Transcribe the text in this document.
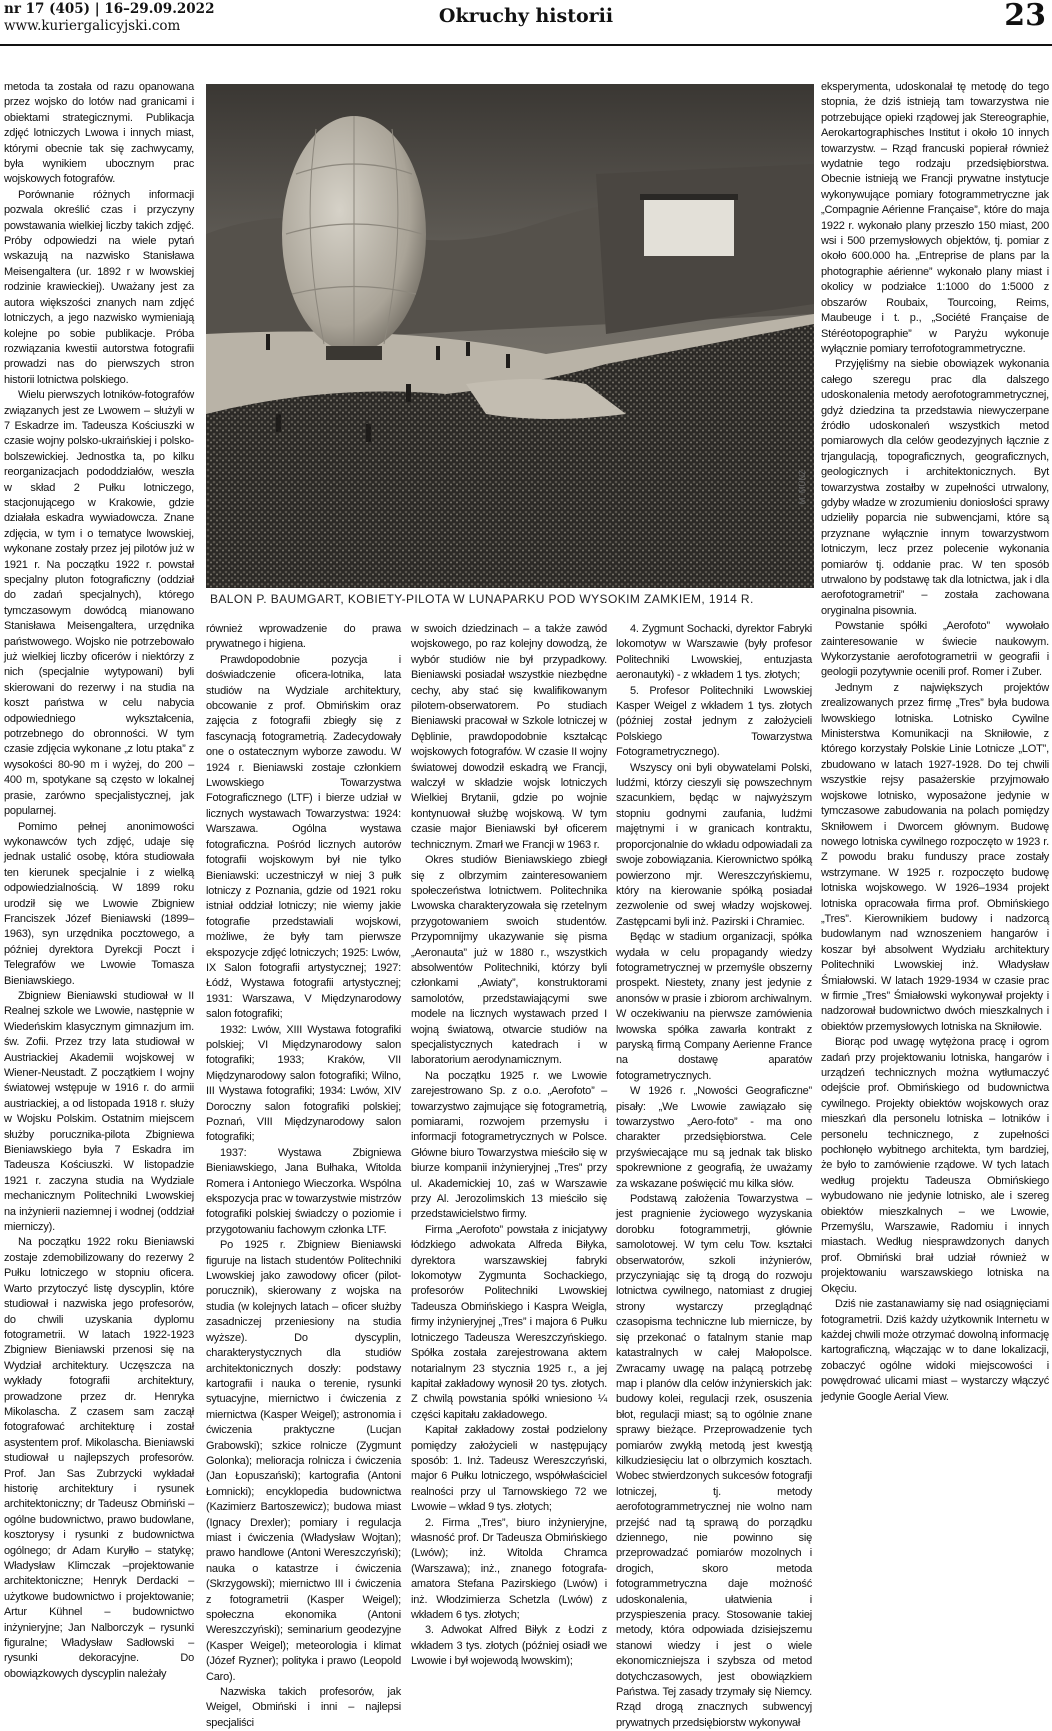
nr 17 (405) | 16–29.09.2022
www.kuriergalicyjski.com	Okruchy historii	23

metoda ta została od razu opanowana przez wojsko do lotów nad granicami i obiektami strategicznymi. Publikacja zdjęć lotniczych Lwowa i innych miast, którymi obecnie tak się zachwycamy, była wynikiem ubocznym prac wojskowych fotografów.

Porównanie różnych informacji pozwala określić czas i przyczyny powstawania wielkiej liczby takich zdjęć. Próby odpowiedzi na wiele pytań wskazują na nazwisko Stanisława Meisengaltera (ur. 1892 r w lwowskiej rodzinie krawieckiej). Uważany jest za autora większości znanych nam zdjęć lotniczych, a jego nazwisko wymieniają kolejne po sobie publikacje. Próba rozwiązania kwestii autorstwa fotografii prowadzi nas do pierwszych stron historii lotnictwa polskiego.

Wielu pierwszych lotników-fotografów związanych jest ze Lwowem – służyli w 7 Eskadrze im. Tadeusza Kościuszki w czasie wojny polsko-ukraińskiej i polsko-bolszewickiej. Jednostka ta, po kilku reorganizacjach pododdziałów, weszła w skład 2 Pułku lotniczego, stacjonującego w Krakowie, gdzie działała eskadra wywiadowcza. Znane zdjęcia, w tym i o tematyce lwowskiej, wykonane zostały przez jej pilotów już w 1921 r. Na początku 1922 r. powstał specjalny pluton fotograficzny (oddział do zadań specjalnych), którego tymczasowym dowódcą mianowano Stanisława Meisengaltera, urzędnika państwowego. Wojsko nie potrzebowało już wielkiej liczby oficerów i niektórzy z nich (specjalnie wytypowani) byli skierowani do rezerwy i na studia na koszt państwa w celu nabycia odpowiedniego wykształcenia, potrzebnego do obronności. W tym czasie zdjęcia wykonane „z lotu ptaka” z wysokości 80-90 m i wyżej, do 200 – 400 m, spotykane są często w lokalnej prasie, zarówno specjalistycznej, jak popularnej.

Pomimo pełnej anonimowości wykonawców tych zdjęć, udaje się jednak ustalić osobę, która studiowała ten kierunek specjalnie i z wielką odpowiedzialnością. W 1899 roku urodził się we Lwowie Zbigniew Franciszek Józef Bieniawski (1899–1963), syn urzędnika pocztowego, a później dyrektora Dyrekcji Poczt i Telegrafów we Lwowie Tomasza Bieniawskiego.

Zbigniew Bieniawski studiował w II Realnej szkole we Lwowie, następnie w Wiedeńskim klasycznym gimnazjum im. św. Zofii. Przez trzy lata studiował w Austriackiej Akademii wojskowej w Wiener-Neustadt. Z początkiem I wojny światowej wstępuje w 1916 r. do armii austriackiej, a od listopada 1918 r. służy w Wojsku Polskim. Ostatnim miejscem służby porucznika-pilota Zbigniewa Bieniawskiego była 7 Eskadra im Tadeusza Kościuszki. W listopadzie 1921 r. zaczyna studia na Wydziale mechanicznym Politechniki Lwowskiej na inżynierii naziemnej i wodnej (oddział mierniczy).

Na początku 1922 roku Bieniawski zostaje zdemobilizowany do rezerwy 2 Pułku lotniczego w stopniu oficera. Warto przytoczyć listę dyscyplin, które studiował i nazwiska jego profesorów, do chwili uzyskania dyplomu fotogrametrii. W latach 1922-1923 Zbigniew Bieniawski przenosi się na Wydział architektury. Uczęszcza na wykłady fotografii architektury, prowadzone przez dr. Henryka Mikolascha. Z czasem sam zaczął fotografować architekturę i został asystentem prof. Mikolascha. Bieniawski studiował u najlepszych profesorów. Prof. Jan Sas Zubrzycki wykładał historię architektury i rysunek architektoniczny; dr Tadeusz Obmiński – ogólne budownictwo, prawo budowlane, kosztorysy i rysunki z budownictwa ogólnego; dr Adam Kuryłło – statykę; Władysław Klimczak –projektowanie architektoniczne; Henryk Derdacki – użytkowe budownictwo i projektowanie; Artur Kühnel – budownictwo inżynieryjne; Jan Nalborczyk – rysunki figuralne; Władysław Sadłowski – rysunki dekoracyjne. Do obowiązkowych dyscyplin należały

M. MÜNZ
BALON P. BAUMGART, KOBIETY-PILOTA W LUNAPARKU POD WYSOKIM ZAMKIEM, 1914 R.

również wprowadzenie do prawa prywatnego i higiena.

Prawdopodobnie pozycja i doświadczenie oficera-lotnika, lata studiów na Wydziale architektury, obcowanie z prof. Obmińskim oraz zajęcia z fotografii zbiegły się z fascynacją fotogrametrią. Zadecydowały one o ostatecznym wyborze zawodu. W 1924 r. Bieniawski zostaje członkiem Lwowskiego Towarzystwa Fotograficznego (LTF) i bierze udział w licznych wystawach Towarzystwa: 1924: Warszawa. Ogólna wystawa fotograficzna. Pośród licznych autorów fotografii wojskowym był nie tylko Bieniawski: uczestniczył w niej 3 pułk lotniczy z Poznania, gdzie od 1921 roku istniał oddział lotniczy; nie wiemy jakie fotografie przedstawiali wojskowi, możliwe, że były tam pierwsze ekspozycje zdjęć lotniczych; 1925: Lwów, IX Salon fotografii artystycznej; 1927: Łódź, Wystawa fotografii artystycznej; 1931: Warszawa, V Międzynarodowy salon fotografiki;

1932: Lwów, XIII Wystawa fotografiki polskiej; VI Międzynarodowy salon fotografiki; 1933; Kraków, VII Międzynarodowy salon fotografiki; Wilno, III Wystawa fotografiki; 1934: Lwów, XIV Doroczny salon fotografiki polskiej; Poznań, VIII Międzynarodowy salon fotografiki;

1937: Wystawa Zbigniewa Bieniawskiego, Jana Bułhaka, Witolda Romera i Antoniego Wieczorka. Wspólna ekspozycja prac w towarzystwie mistrzów fotografiki polskiej świadczy o poziomie i przygotowaniu fachowym członka LTF.

Po 1925 r. Zbigniew Bieniawski figuruje na listach studentów Politechniki Lwowskiej jako zawodowy oficer (pilot-porucznik), skierowany z wojska na studia (w kolejnych latach – oficer służby zasadniczej przeniesiony na studia wyższe). Do dyscyplin, charakterystycznych dla studiów architektonicznych doszły: podstawy kartografii i nauka o terenie, rysunki sytuacyjne, miernictwo i ćwiczenia z miernictwa (Kasper Weigel); astronomia i ćwiczenia praktyczne (Lucjan Grabowski); szkice rolnicze (Zygmunt Golonka); melioracja rolnicza i ćwiczenia (Jan Łopuszański); kartografia (Antoni Łomnicki); encyklopedia budownictwa (Kazimierz Bartoszewicz); budowa miast (Ignacy Drexler); pomiary i regulacja miast i ćwiczenia (Władysław Wojtan); prawo handlowe (Antoni Wereszczyński); nauka o katastrze i ćwiczenia (Skrzygowski); miernictwo III i ćwiczenia z fotogrametrii (Kasper Weigel); społeczna ekonomika (Antoni Wereszczyński); seminarium geodezyjne (Kasper Weigel); meteorologia i klimat (Józef Ryzner); polityka i prawo (Leopold Caro).

Nazwiska takich profesorów, jak Weigel, Obmiński i inni – najlepsi specjaliści

w swoich dziedzinach – a także zawód wojskowego, po raz kolejny dowodzą, że wybór studiów nie był przypadkowy. Bieniawski posiadał wszystkie niezbędne cechy, aby stać się kwalifikowanym pilotem-obserwatorem. Po studiach Bieniawski pracował w Szkole lotniczej w Dęblinie, prawdopodobnie kształcąc wojskowych fotografów. W czasie II wojny światowej dowodził eskadrą we Francji, walczył w składzie wojsk lotniczych Wielkiej Brytanii, gdzie po wojnie kontynuował służbę wojskową. W tym czasie major Bieniawski był oficerem technicznym. Zmarł we Francji w 1963 r.

Okres studiów Bieniawskiego zbiegł się z olbrzymim zainteresowaniem społeczeństwa lotnictwem. Politechnika Lwowska charakteryzowała się rzetelnym przygotowaniem swoich studentów. Przypomnijmy ukazywanie się pisma „Aeronauta” już w 1880 r., wszystkich absolwentów Politechniki, którzy byli członkami „Awiaty”, konstruktorami samolotów, przedstawiającymi swe modele na licznych wystawach przed I wojną światową, otwarcie studiów na specjalistycznych katedrach i w laboratorium aerodynamicznym.

Na początku 1925 r. we Lwowie zarejestrowano Sp. z o.o. „Aerofoto” – towarzystwo zajmujące się fotogrametrią, pomiarami, rozwojem przemysłu i informacji fotogrametrycznych w Polsce. Główne biuro Towarzystwa mieściło się w biurze kompanii inżynieryjnej „Tres” przy ul. Akademickiej 10, zaś w Warszawie przy Al. Jerozolimskich 13 mieściło się przedstawicielstwo firmy.

Firma „Aerofoto” powstała z inicjatywy łódzkiego adwokata Alfreda Biłyka, dyrektora warszawskiej fabryki lokomotyw Zygmunta Sochackiego, profesorów Politechniki Lwowskiej Tadeusza Obmińskiego i Kaspra Weigla, firmy inżynieryjnej „Tres” i majora 6 Pułku lotniczego Tadeusza Wereszczyńskiego. Spółka została zarejestrowana aktem notarialnym 23 stycznia 1925 r., a jej kapitał zakładowy wynosił 20 tys. złotych. Z chwilą powstania spółki wniesiono ¼ części kapitału zakładowego.

Kapitał zakładowy został podzielony pomiędzy założycieli w następujący sposób: 1. Inż. Tadeusz Wereszczyński, major 6 Pułku lotniczego, współwłaściciel realności przy ul Tarnowskiego 72 we Lwowie – wkład 9 tys. złotych;

2. Firma „Tres”, biuro inżynieryjne, własność prof. Dr Tadeusza Obmińskiego (Lwów); inż. Witolda Chramca (Warszawa); inż., znanego fotografa-amatora Stefana Pazirskiego (Lwów) i inż. Włodzimierza Schetzla (Lwów) z wkładem 6 tys. złotych;

3. Adwokat Alfred Biłyk z Łodzi z wkładem 3 tys. złotych (później osiadł we Lwowie i był wojewodą lwowskim);

4. Zygmunt Sochacki, dyrektor Fabryki lokomotyw w Warszawie (były profesor Politechniki Lwowskiej, entuzjasta aeronautyki) - z wkładem 1 tys. złotych;

5. Profesor Politechniki Lwowskiej Kasper Weigel z wkładem 1 tys. złotych (później został jednym z założycieli Polskiego Towarzystwa Fotogrametrycznego).

Wszyscy oni byli obywatelami Polski, ludźmi, którzy cieszyli się powszechnym szacunkiem, będąc w najwyższym stopniu godnymi zaufania, ludźmi majętnymi i w granicach kontraktu, proporcjonalnie do wkładu odpowiadali za swoje zobowiązania. Kierownictwo spółką powierzono mjr. Wereszczyńskiemu, który na kierowanie spółką posiadał zezwolenie od swej władzy wojskowej. Zastępcami byli inż. Pazirski i Chramiec.

Będąc w stadium organizacji, spółka wydała w celu propagandy wiedzy fotogrametrycznej w przemyśle obszerny prospekt. Niestety, znany jest jedynie z anonsów w prasie i zbiorom archiwalnym. W oczekiwaniu na pierwsze zamówienia lwowska spółka zawarła kontrakt z paryską firmą Company Aerienne France na dostawę aparatów fotogrametrycznych.

W 1926 r. „Nowości Geograficzne” pisały: „We Lwowie zawiązało się towarzystwo „Aero-foto” - ma ono charakter przedsiębiorstwa. Cele przyświecające mu są jednak tak blisko spokrewnione z geografią, że uważamy za wskazane poświęcić mu kilka słów.

Podstawą założenia Towarzystwa – jest pragnienie życiowego wyzyskania dorobku fotogrammetrji, głównie samolotowej. W tym celu Tow. kształci obserwatorów, szkoli inżynierów, przyczyniając się tą drogą do rozwoju lotnictwa cywilnego, natomiast z drugiej strony wystarczy przeglądnąć czasopisma techniczne lub miernicze, by się przekonać o fatalnym stanie map katastralnych w całej Małopolsce. Zwracamy uwagę na palącą potrzebę map i planów dla celów inżynierskich jak: budowy kolei, regulacji rzek, osuszenia błot, regulacji miast; są to ogólnie znane sprawy bieżące. Przeprowadzenie tych pomiarów zwykłą metodą jest kwestją kilkudziesięciu lat o olbrzymich kosztach. Wobec stwierdzonych sukcesów fotografji lotniczej, tj. metody aerofotogrammetrycznej nie wolno nam przejść nad tą sprawą do porządku dziennego, nie powinno się przeprowadzać pomiarów mozolnych i drogich, skoro metoda fotogrammetryczna daje możność udoskonalenia, ułatwienia i przyspieszenia pracy. Stosowanie takiej metody, która odpowiada dzisiejszemu stanowi wiedzy i jest o wiele ekonomiczniejsza i szybsza od metod dotychczasowych, jest obowiązkiem Państwa. Tej zasady trzymały się Niemcy. Rząd drogą znacznych subwencyj prywatnych przedsiębiorstw wykonywał

eksperymenta, udoskonalał tę metodę do tego stopnia, że dziś istnieją tam towarzystwa nie potrzebujące opieki rządowej jak Stereographie, Aerokartographisches Institut i około 10 innych towarzystw. – Rząd francuski popierał również wydatnie tego rodzaju przedsiębiorstwa. Obecnie istnieją we Francji prywatne instytucje wykonywujące pomiary fotogrammetryczne jak „Compagnie Aérienne Française”, które do maja 1922 r. wykonało plany przeszło 150 miast, 200 wsi i 500 przemysłowych objektów, tj. pomiar z około 600.000 ha. „Entreprise de plans par la photographie aérienne” wykonało plany miast i okolicy w podziałce 1:1000 do 1:5000 z obszarów Roubaix, Tourcoing, Reims, Maubeuge i t. p., „Société Française de Stéréotopographie” w Paryżu wykonuje wyłącznie pomiary terrofotogrammetryczne.

Przyjęliśmy na siebie obowiązek wykonania całego szeregu prac dla dalszego udoskonalenia metody aerofotogrammetrycznej, gdyż dziedzina ta przedstawia niewyczerpane źródło udoskonaleń wszystkich metod pomiarowych dla celów geodezyjnych łącznie z trjangulacją, topograficznych, geograficznych, geologicznych i architektonicznych. Byt towarzystwa zostałby w zupełności utrwalony, gdyby władze w zrozumieniu doniosłości sprawy udzieliły poparcia nie subwencjami, które są przyznane wyłącznie innym towarzystwom lotniczym, lecz przez polecenie wykonania pomiarów tj. oddanie prac. W ten sposób utrwalono by podstawę tak dla lotnictwa, jak i dla aerofotogrametrii” – została zachowana oryginalna pisownia.

Powstanie spółki „Aerofoto” wywołało zainteresowanie w świecie naukowym. Wykorzystanie aerofotogrametrii w geografii i geologii pozytywnie ocenili prof. Romer i Zuber.

Jednym z największych projektów zrealizowanych przez firmę „Tres” była budowa lwowskiego lotniska. Lotnisko Cywilne Ministerstwa Komunikacji na Skniłowie, z którego korzystały Polskie Linie Lotnicze „LOT”, zbudowano w latach 1927-1928. Do tej chwili wszystkie rejsy pasażerskie przyjmowało wojskowe lotnisko, wyposażone jedynie w tymczasowe zabudowania na polach pomiędzy Skniłowem i Dworcem głównym. Budowę nowego lotniska cywilnego rozpoczęto w 1923 r. Z powodu braku funduszy prace zostały wstrzymane. W 1925 r. rozpoczęto budowę lotniska wojskowego. W 1926–1934 projekt lotniska opracowała firma prof. Obmińskiego „Tres”. Kierownikiem budowy i nadzorcą budowlanym nad wznoszeniem hangarów i koszar był absolwent Wydziału architektury Politechniki Lwowskiej inż. Władysław Śmiałowski. W latach 1929-1934 w czasie prac w firmie „Tres” Śmiałowski wykonywał projekty i nadzorował budownictwo dwóch mieszkalnych i obiektów przemysłowych lotniska na Skniłowie.

Biorąc pod uwagę wytężona pracę i ogrom zadań przy projektowaniu lotniska, hangarów i urządzeń technicznych można wytłumaczyć odejście prof. Obmińskiego od budownictwa cywilnego. Projekty obiektów wojskowych oraz mieszkań dla personelu lotniska – lotników i personelu technicznego, z zupełności pochłonęło wybitnego architekta, tym bardziej, że było to zamówienie rządowe. W tych latach według projektu Tadeusza Obmińskiego wybudowano nie jedynie lotnisko, ale i szereg obiektów mieszkalnych – we Lwowie, Przemyślu, Warszawie, Radomiu i innych miastach. Według niesprawdzonych danych prof. Obmiński brał udział również w projektowaniu warszawskiego lotniska na Okęciu.

Dziś nie zastanawiamy się nad osiągnięciami fotogrametrii. Dziś każdy użytkownik Internetu w każdej chwili może otrzymać dowolną informację kartograficzną, włączając w to dane lokalizacji, zobaczyć ogólne widoki miejscowości i powędrować ulicami miast – wystarczy włączyć jedynie Google Aerial View.
